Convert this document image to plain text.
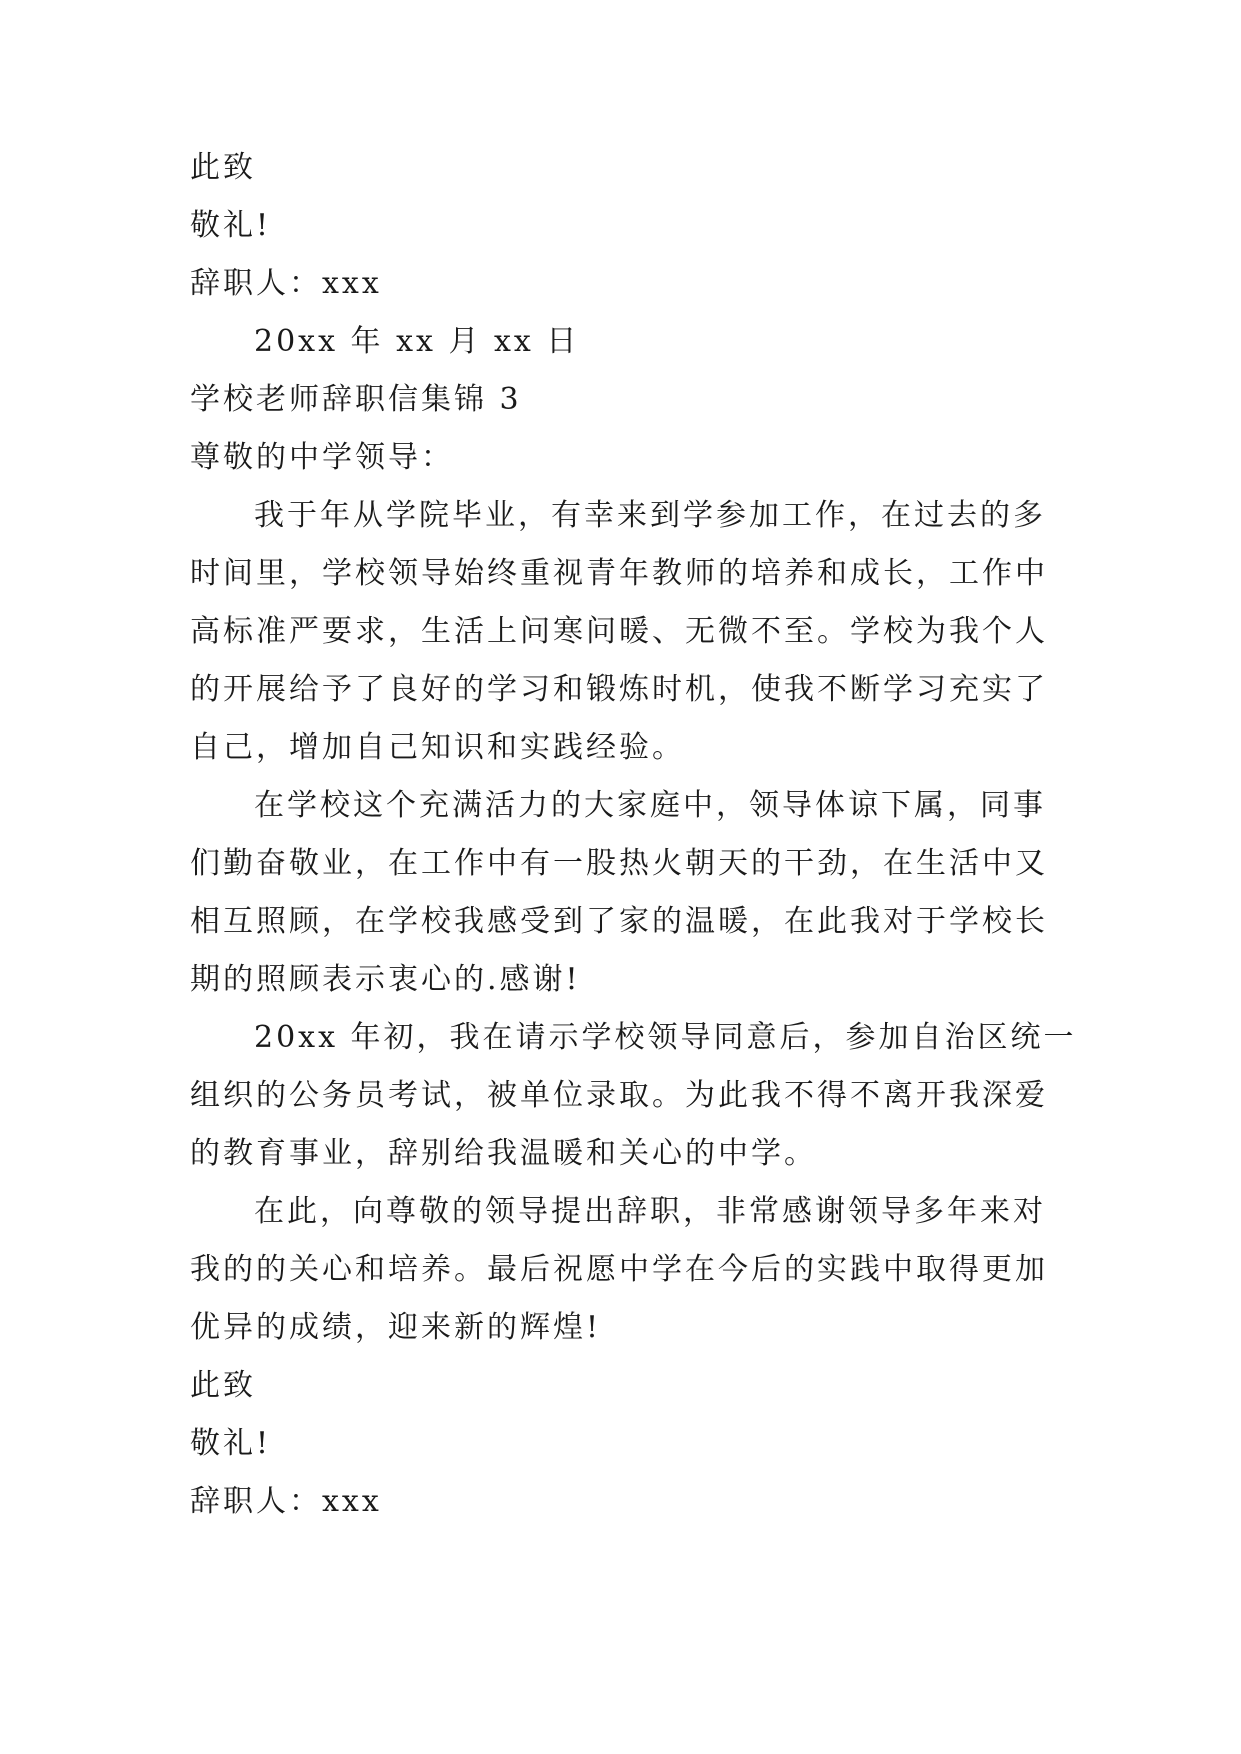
此致
敬礼!
辞职人：xxx
20xx 年 xx 月 xx 日
学校老师辞职信集锦 3
尊敬的中学领导：
我于年从学院毕业，有幸来到学参加工作，在过去的多
时间里，学校领导始终重视青年教师的培养和成长，工作中
高标准严要求，生活上问寒问暖、无微不至。学校为我个人
的开展给予了良好的学习和锻炼时机，使我不断学习充实了
自己，增加自己知识和实践经验。
在学校这个充满活力的大家庭中，领导体谅下属，同事
们勤奋敬业，在工作中有一股热火朝天的干劲，在生活中又
相互照顾，在学校我感受到了家的温暖，在此我对于学校长
期的照顾表示衷心的.感谢!
20xx 年初，我在请示学校领导同意后，参加自治区统一
组织的公务员考试，被单位录取。为此我不得不离开我深爱
的教育事业，辞别给我温暖和关心的中学。
在此，向尊敬的领导提出辞职，非常感谢领导多年来对
我的的关心和培养。最后祝愿中学在今后的实践中取得更加
优异的成绩，迎来新的辉煌!
此致
敬礼!
辞职人：xxx
